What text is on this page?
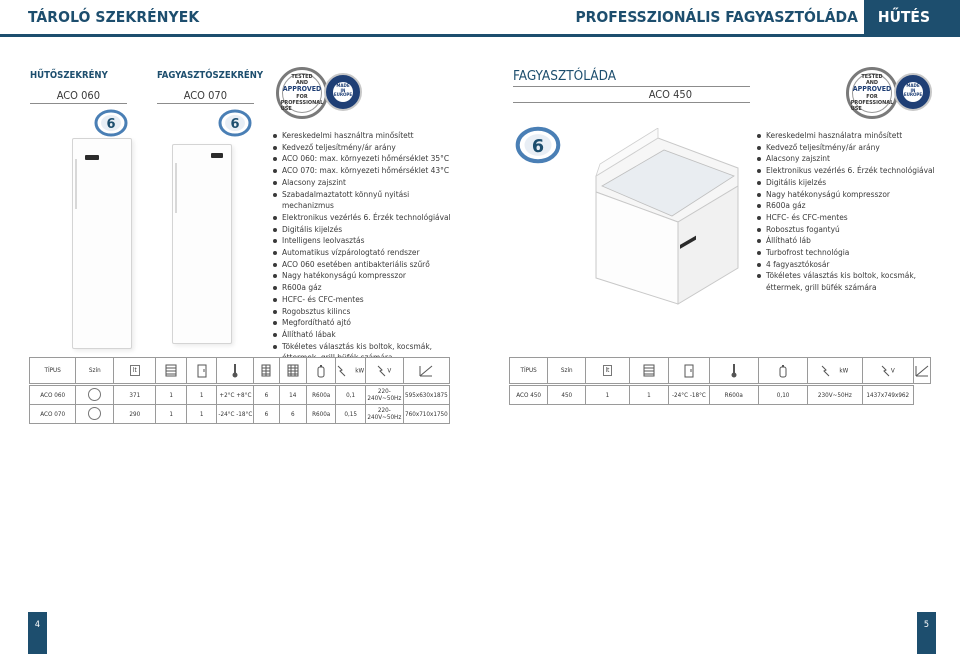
TÁROLÓ SZEKRÉNYEK	PROFESSZIONÁLIS FAGYASZTÓLÁDA	HŰTÉS
HŰTŐSZEKRÉNY	FAGYASZTÓSZEKRÉNY
ACO 060	ACO 070
TESTED
AND
APPROVED
FOR
PROFESSIONAL USE
MADE
IN
EUROPE
6	6
Kereskedelmi használtra minősített
Kedvező teljesítmény/ár arány
ACO 060: max. környezeti hőmérséklet 35°C
ACO 070: max. környezeti hőmérséklet 43°C
Alacsony zajszint
Szabadalmaztatott könnyű nyitási mechanizmus
Elektronikus vezérlés 6. Érzék technológiával
Digitális kijelzés
Intelligens leolvasztás
Automatikus vízpárologtató rendszer
ACO 060 esetében antibakteriális szűrő
Nagy hatékonyságú kompresszor
R600a gáz
HCFC- és CFC-mentes
Rogobsztus kilincs
Megfordítható ajtó
Állítható lábak
Tökéletes választás kis boltok, kocsmák,
FAGYASZTÓLÁDA
ACO 450
TESTED
AND
APPROVED
FOR
PROFESSIONAL USE
MADE
IN
EUROPE
6
Kereskedelmi használatra minősített
Kedvező teljesítmény/ár arány
Alacsony zajszint
Elektronikus vezérlés 6. Érzék technológiával
Digitális kijelzés
Nagy hatékonyságú kompresszor
R600a gáz
HCFC- és CFC-mentes
Robosztus fogantyú
Állítható láb
Turbofrost technológia
4 fagyasztókosár
Tökéletes választás kis boltok, kocsmák, éttermek, grill büfék számára
TÍPUS	Szín	lt							kW	V	

ACO 060		371	1	1	+2°C +8°C	6	14	R600a	0,1	220-240V~50Hz	595x630x1875
ACO 070		290	1	1	-24°C -18°C	6	6	R600a	0,15	220-240V~50Hz	760x710x1750
TÍPUS	Szín	lt					kW	V	

ACO 450	450	1	1	-24°C -18°C	R600a	0,10	230V~50Hz	1437x749x962	
4	5
